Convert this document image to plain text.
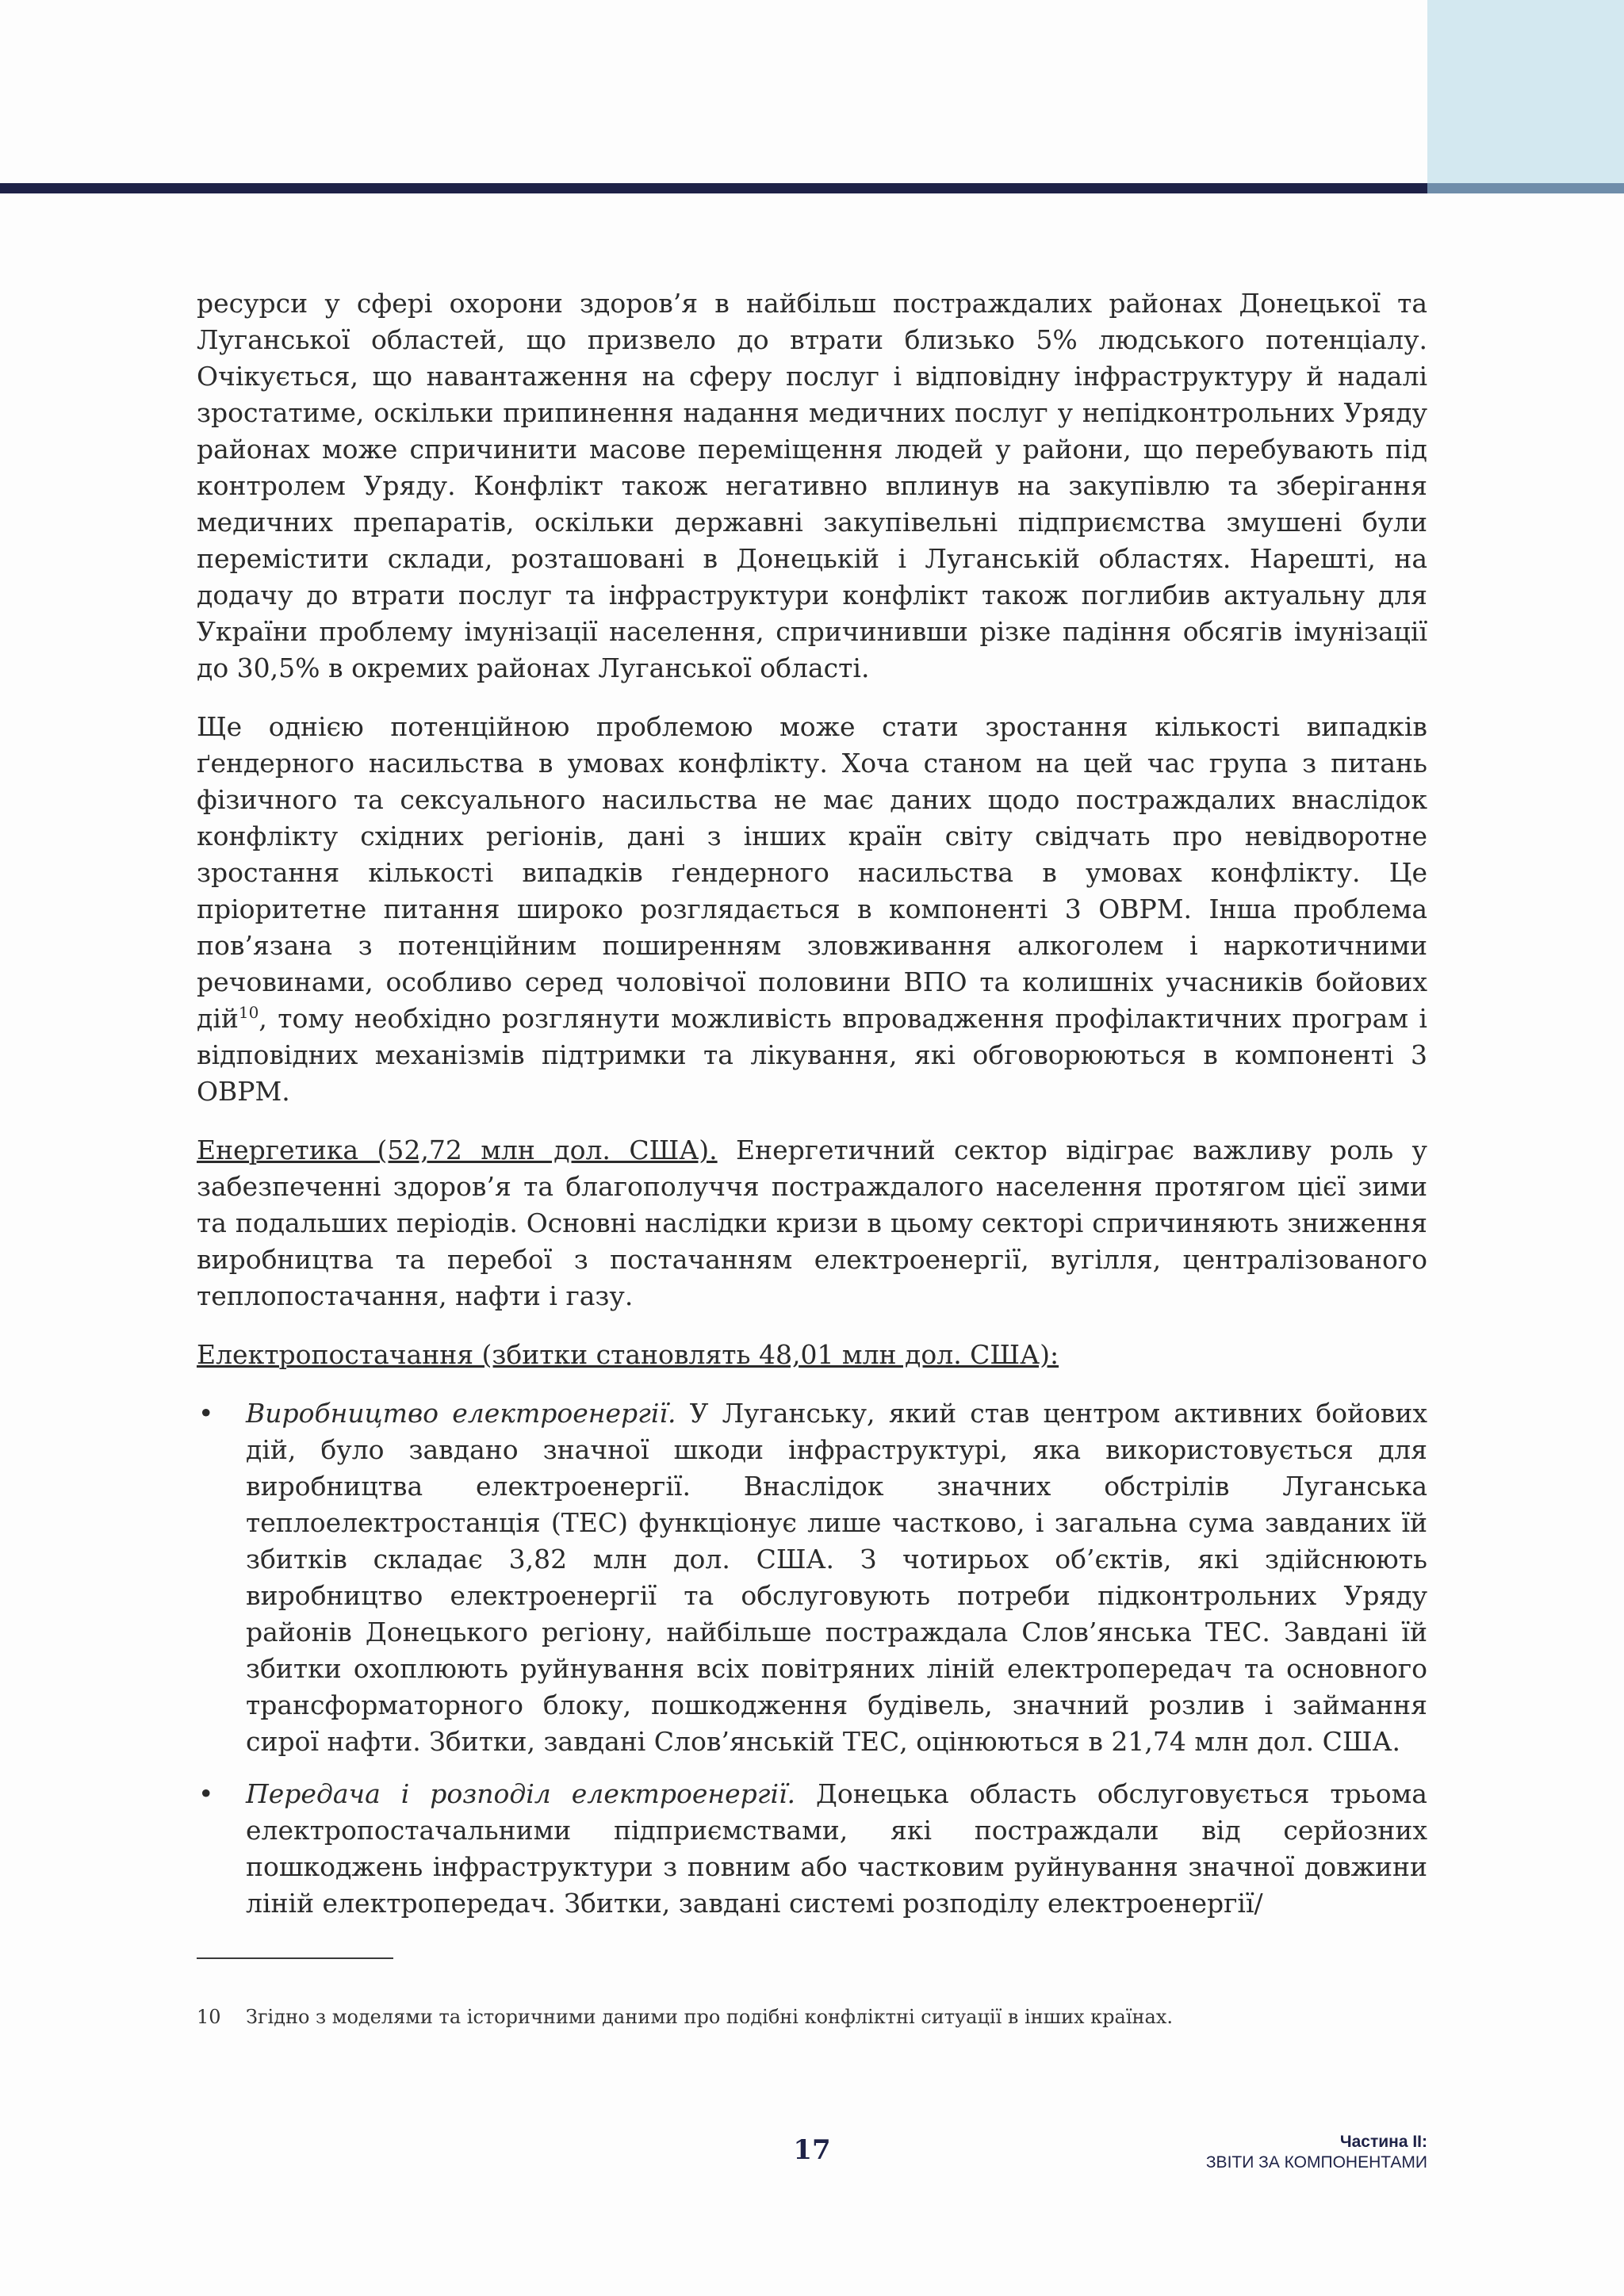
ресурси у сфері охорони здоров’я в найбільш постраждалих районах Донецької та Луганської областей, що призвело до втрати близько 5% людського потенціалу. Очікується, що навантаження на сферу послуг і відповідну інфраструктуру й надалі зростатиме, оскільки припинення надання медичних послуг у непідконтрольних Уряду районах може спричинити масове переміщення людей у райони, що перебувають під контролем Уряду. Конфлікт також негативно вплинув на закупівлю та зберігання медичних препаратів, оскільки державні закупівельні підприємства змушені були перемістити склади, розташовані в Донецькій і Луганській областях. Нарешті, на додачу до втрати послуг та інфраструктури конфлікт також поглибив актуальну для України проблему імунізації населення, спричинивши різке падіння обсягів імунізації до 30,5% в окремих районах Луганської області.

Ще однією потенційною проблемою може стати зростання кількості випадків ґендерного насильства в умовах конфлікту. Хоча станом на цей час група з питань фізичного та сексуального насильства не має даних щодо постраждалих внаслідок конфлікту східних регіонів, дані з інших країн світу свідчать про невідворотне зростання кількості випадків ґендерного насильства в умовах конфлікту. Це пріоритетне питання широко розглядається в компоненті 3 ОВРМ. Інша проблема пов’язана з потенційним поширенням зловживання алкоголем і наркотичними речовинами, особливо серед чоловічої половини ВПО та колишніх учасників бойових дій$^{10}$, тому необхідно розглянути можливість впровадження профілактичних програм і відповідних механізмів підтримки та лікування, які обговорюються в компоненті 3 ОВРМ.

Енергетика (52,72 млн дол. США). Енергетичний сектор відіграє важливу роль у забезпеченні здоров’я та благополуччя постраждалого населення протягом цієї зими та подальших періодів. Основні наслідки кризи в цьому секторі спричиняють зниження виробництва та перебої з постачанням електроенергії, вугілля, централізованого теплопостачання, нафти і газу.

Електропостачання (збитки становлять 48,01 млн дол. США):

• Виробництво електроенергії. У Луганську, який став центром активних бойових дій, було завдано значної шкоди інфраструктурі, яка використовується для виробництва електроенергії. Внаслідок значних обстрілів Луганська теплоелектростанція (ТЕС) функціонує лише частково, і загальна сума завданих їй збитків складає 3,82 млн дол. США. З чотирьох об’єктів, які здійснюють виробництво електроенергії та обслуговують потреби підконтрольних Уряду районів Донецького регіону, найбільше постраждала Слов’янська ТЕС. Завдані їй збитки охоплюють руйнування всіх повітряних ліній електропередач та основного трансформаторного блоку, пошкодження будівель, значний розлив і займання сирої нафти. Збитки, завдані Слов’янській ТЕС, оцінюються в 21,74 млн дол. США.
• Передача і розподіл електроенергії. Донецька область обслуговується трьома електропостачальними підприємствами, які постраждали від серйозних пошкоджень інфраструктури з повним або частковим руйнування значної довжини ліній електропередач. Збитки, завдані системі розподілу електроенергії/
10 Згідно з моделями та історичними даними про подібні конфліктні ситуації в інших країнах.
17	Частина II:
ЗВІТИ ЗА КОМПОНЕНТАМИ
